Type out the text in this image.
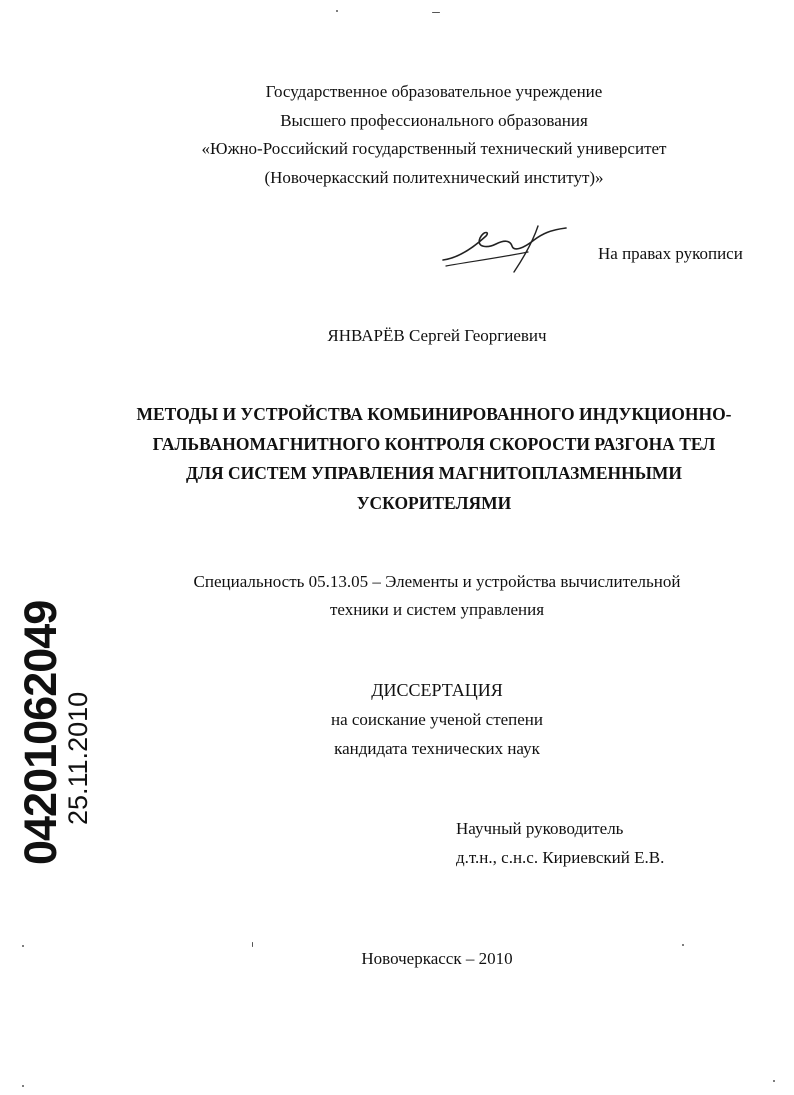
Государственное образовательное учреждение
Высшего профессионального образования
«Южно-Российский государственный технический университет
(Новочеркасский политехнический институт)»
На правах рукописи
ЯНВАРЁВ Сергей Георгиевич
МЕТОДЫ И УСТРОЙСТВА КОМБИНИРОВАННОГО ИНДУКЦИОННО-
ГАЛЬВАНОМАГНИТНОГО КОНТРОЛЯ СКОРОСТИ РАЗГОНА ТЕЛ
ДЛЯ СИСТЕМ УПРАВЛЕНИЯ МАГНИТОПЛАЗМЕННЫМИ
УСКОРИТЕЛЯМИ
Специальность 05.13.05 – Элементы и устройства вычислительной
техники и систем управления
ДИССЕРТАЦИЯ
на соискание ученой степени
кандидата технических наук
Научный руководитель
д.т.н., с.н.с. Кириевский Е.В.
Новочеркасск – 2010
04201062049
25.11.2010
